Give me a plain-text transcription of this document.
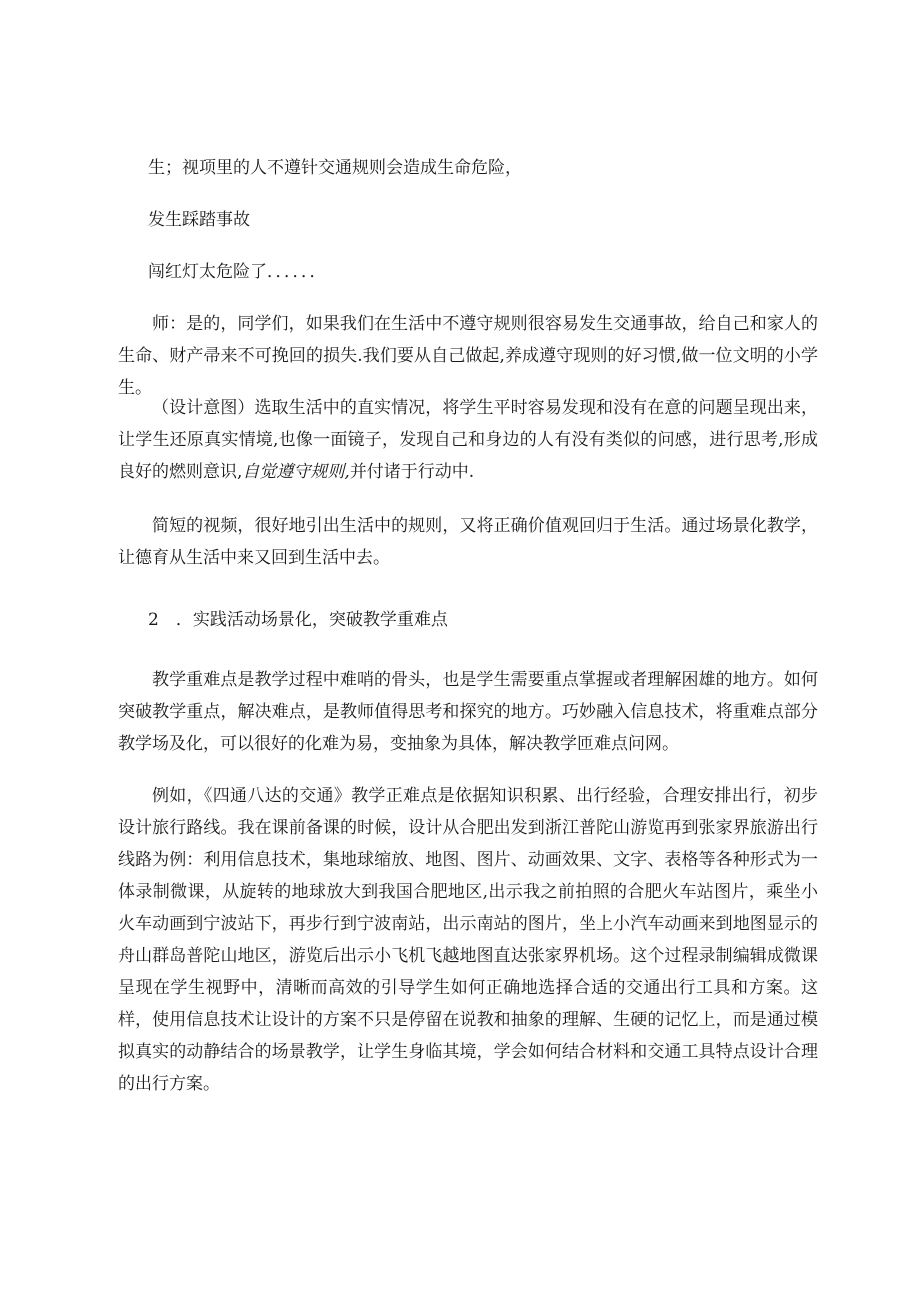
生；视项里的人不遵针交通规则会造成生命危险，

发生踩踏事故

闯红灯太危险了．．．．．．

师：是的，同学们，如果我们在生活中不遵守规则很容易发生交通事故，给自己和家人的生命、财产帚来不可挽回的损失.我们要从自己做起,养成遵守现则的好习惯,做一位文明的小学生。

（设计意图）选取生活中的直实情况，将学生平时容易发现和没有在意的问题呈现出来，让学生还原真实情境,也像一面镜子，发现自己和身边的人有没有类似的问感，进行思考,形成良好的燃则意识,自觉遵守规则,并付诸于行动中.

简短的视频，很好地引出生活中的规则，又将正确价值观回归于生活。通过场景化教学，让德育从生活中来又回到生活中去。

2　．实践活动场景化，突破教学重难点

教学重难点是教学过程中难哨的骨头，也是学生需要重点掌握或者理解困雄的地方。如何突破教学重点，解决难点，是教师值得思考和探究的地方。巧妙融入信息技术，将重难点部分教学场及化，可以很好的化难为易，变抽象为具体，解决教学匝难点问网。

例如，《四通八达的交通》教学正难点是依据知识积累、出行经验，合理安排出行，初步设计旅行路线。我在课前备课的时候，设计从合肥出发到浙江普陀山游览再到张家界旅游出行线路为例：利用信息技术，集地球缩放、地图、图片、动画效果、文字、表格等各种形式为一体录制微课，从旋转的地球放大到我国合肥地区,出示我之前拍照的合肥火车站图片，乘坐小火车动画到宁波站下，再步行到宁波南站，出示南站的图片，坐上小汽车动画来到地图显示的舟山群岛普陀山地区，游览后出示小飞机飞越地图直达张家界机场。这个过程录制编辑成微课呈现在学生视野中，清晰而高效的引导学生如何正确地选择合适的交通出行工具和方案。这样，使用信息技术让设计的方案不只是停留在说教和抽象的理解、生硬的记忆上，而是通过模拟真实的动静结合的场景教学，让学生身临其境，学会如何结合材料和交通工具特点设计合理的出行方案。
